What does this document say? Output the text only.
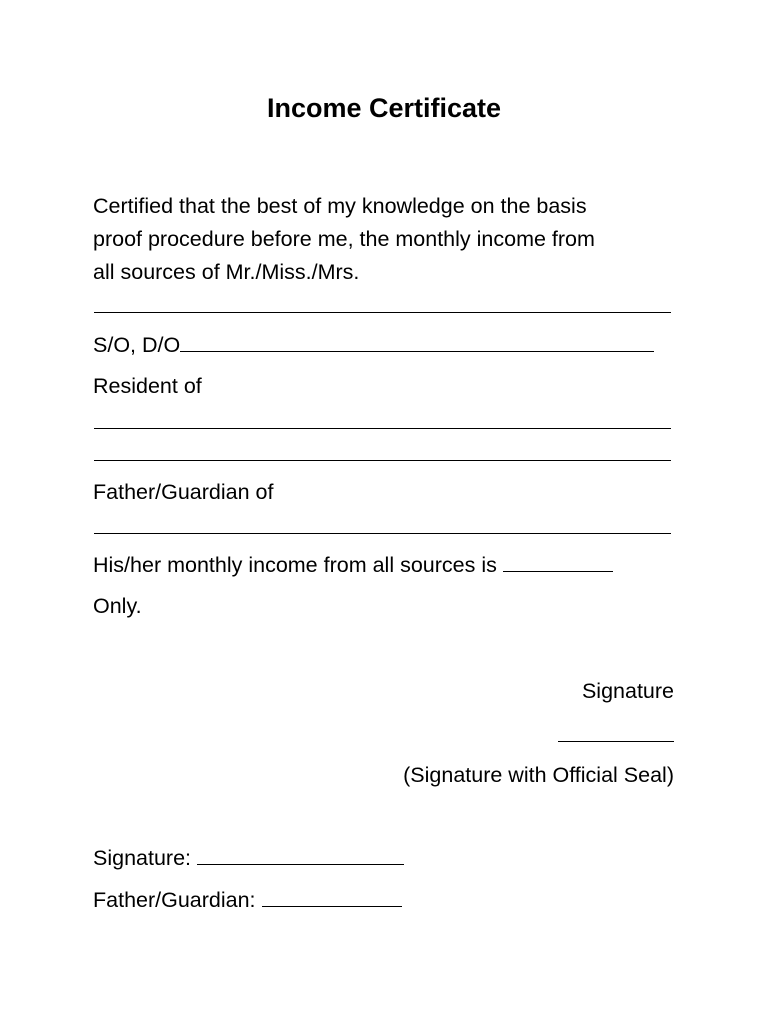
Income Certificate
Certified that the best of my knowledge on the basis
proof procedure before me, the monthly income from
all sources of Mr./Miss./Mrs.
S/O, D/O
Resident of
Father/Guardian of
His/her monthly income from all sources is
Only.
Signature
(Signature with Official Seal)
Signature:
Father/Guardian:
